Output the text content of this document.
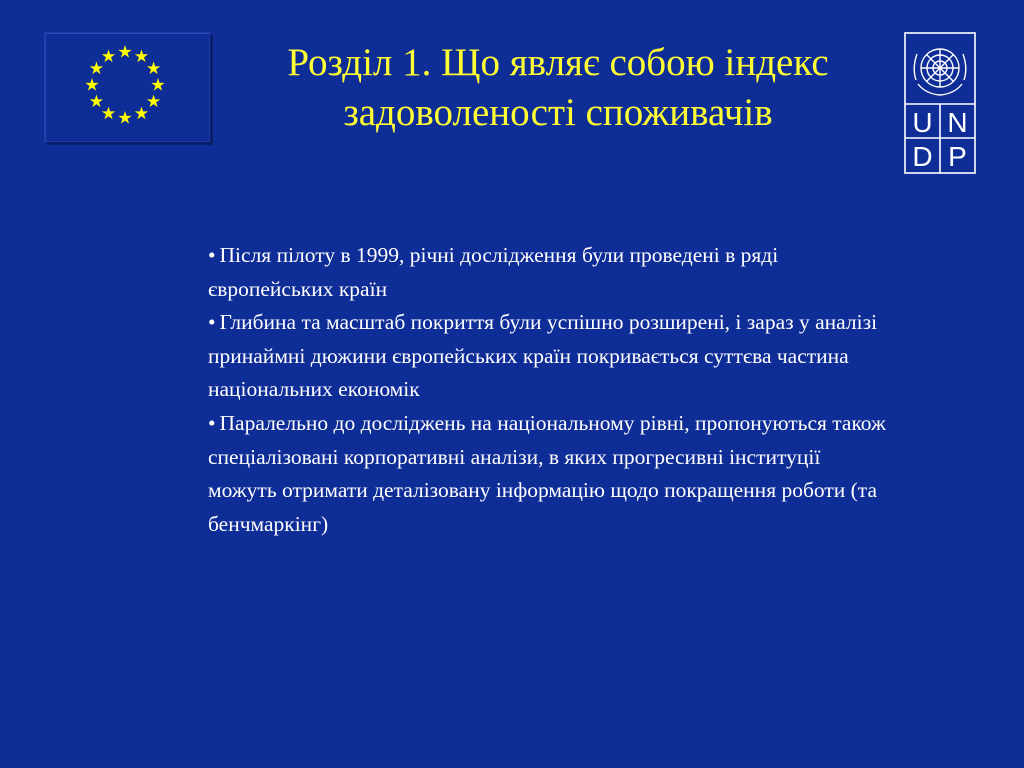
Розділ 1. Що являє собою індекс задоволеності споживачів	U N
D P

• Після пілоту в 1999, річні дослідження були проведені в ряді європейських країн

• Глибина та масштаб покриття були успішно розширені, і зараз у аналізі принаймні дюжини європейських країн покривається суттєва частина національних економік

• Паралельно до досліджень на національному рівні, пропонуються також спеціалізовані корпоративні аналізи, в яких прогресивні інституції можуть отримати деталізовану інформацію щодо покращення роботи (та бенчмаркінг)
